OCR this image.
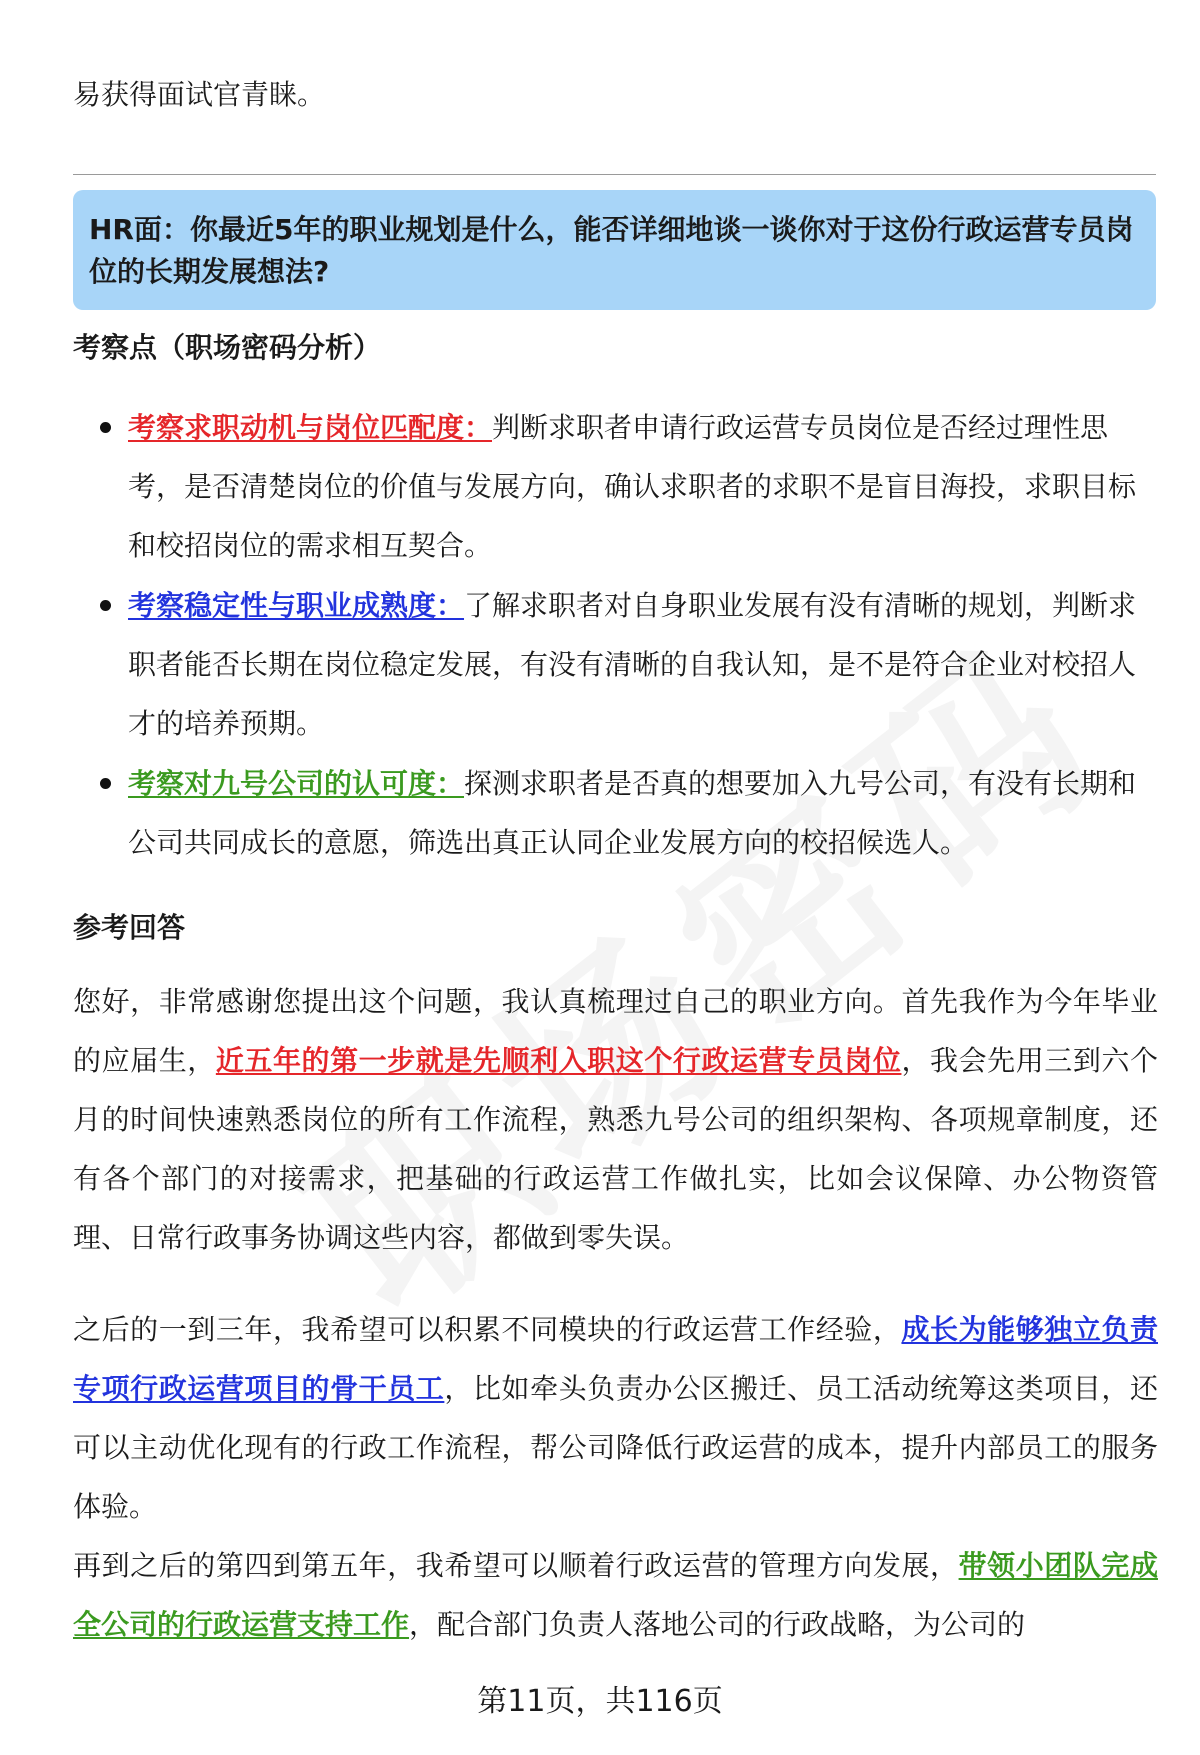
易获得面试官青睐。
HR面：你最近5年的职业规划是什么，能否详细地谈一谈你对于这份行政运营专员岗位的长期发展想法?
考察点（职场密码分析）
考察求职动机与岗位匹配度：判断求职者申请行政运营专员岗位是否经过理性思考，是否清楚岗位的价值与发展方向，确认求职者的求职不是盲目海投，求职目标和校招岗位的需求相互契合。
考察稳定性与职业成熟度：了解求职者对自身职业发展有没有清晰的规划，判断求职者能否长期在岗位稳定发展，有没有清晰的自我认知，是不是符合企业对校招人才的培养预期。
考察对九号公司的认可度：探测求职者是否真的想要加入九号公司，有没有长期和公司共同成长的意愿，筛选出真正认同企业发展方向的校招候选人。
参考回答
您好，非常感谢您提出这个问题，我认真梳理过自己的职业方向。首先我作为今年毕业的应届生，近五年的第一步就是先顺利入职这个行政运营专员岗位，我会先用三到六个月的时间快速熟悉岗位的所有工作流程，熟悉九号公司的组织架构、各项规章制度，还有各个部门的对接需求，把基础的行政运营工作做扎实，比如会议保障、办公物资管理、日常行政事务协调这些内容，都做到零失误。
之后的一到三年，我希望可以积累不同模块的行政运营工作经验，成长为能够独立负责专项行政运营项目的骨干员工，比如牵头负责办公区搬迁、员工活动统筹这类项目，还可以主动优化现有的行政工作流程，帮公司降低行政运营的成本，提升内部员工的服务体验。
再到之后的第四到第五年，我希望可以顺着行政运营的管理方向发展，带领小团队完成全公司的行政运营支持工作，配合部门负责人落地公司的行政战略，为公司的
第11页，共116页
